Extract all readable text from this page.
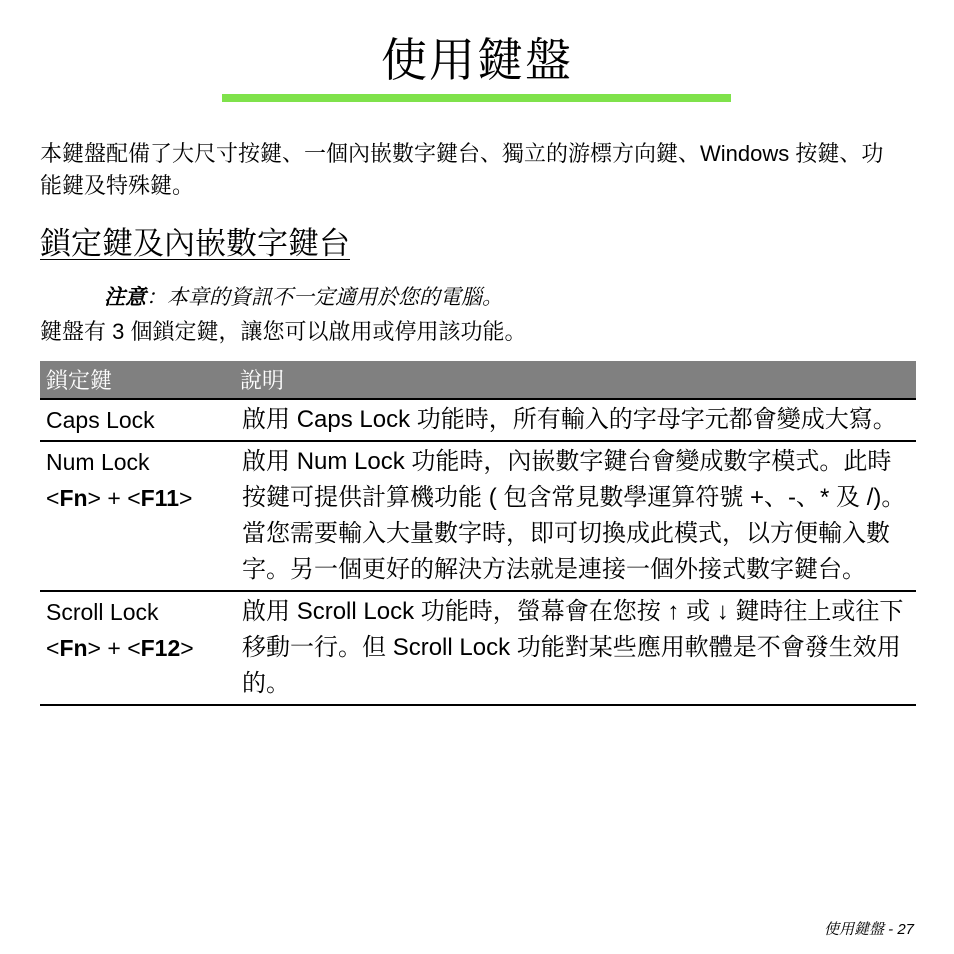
使用鍵盤

本鍵盤配備了大尺寸按鍵、一個內嵌數字鍵台、獨立的游標方向鍵、Windows 按鍵、功能鍵及特殊鍵。

鎖定鍵及內嵌數字鍵台

注意：本章的資訊不一定適用於您的電腦。

鍵盤有 3 個鎖定鍵，讓您可以啟用或停用該功能。

鎖定鍵	說明

Caps Lock	啟用 Caps Lock 功能時，所有輸入的字母字元都會變成大寫。

Num Lock
<Fn> + <F11>	啟用 Num Lock 功能時，內嵌數字鍵台會變成數字模式。此時按鍵可提供計算機功能 ( 包含常見數學運算符號 +、-、* 及 /)。當您需要輸入大量數字時，即可切換成此模式，以方便輸入數字。另一個更好的解決方法就是連接一個外接式數字鍵台。

Scroll Lock
<Fn> + <F12>	啟用 Scroll Lock 功能時，螢幕會在您按 ↑ 或 ↓ 鍵時往上或往下移動一行。但 Scroll Lock 功能對某些應用軟體是不會發生效用的。

使用鍵盤 - 27
